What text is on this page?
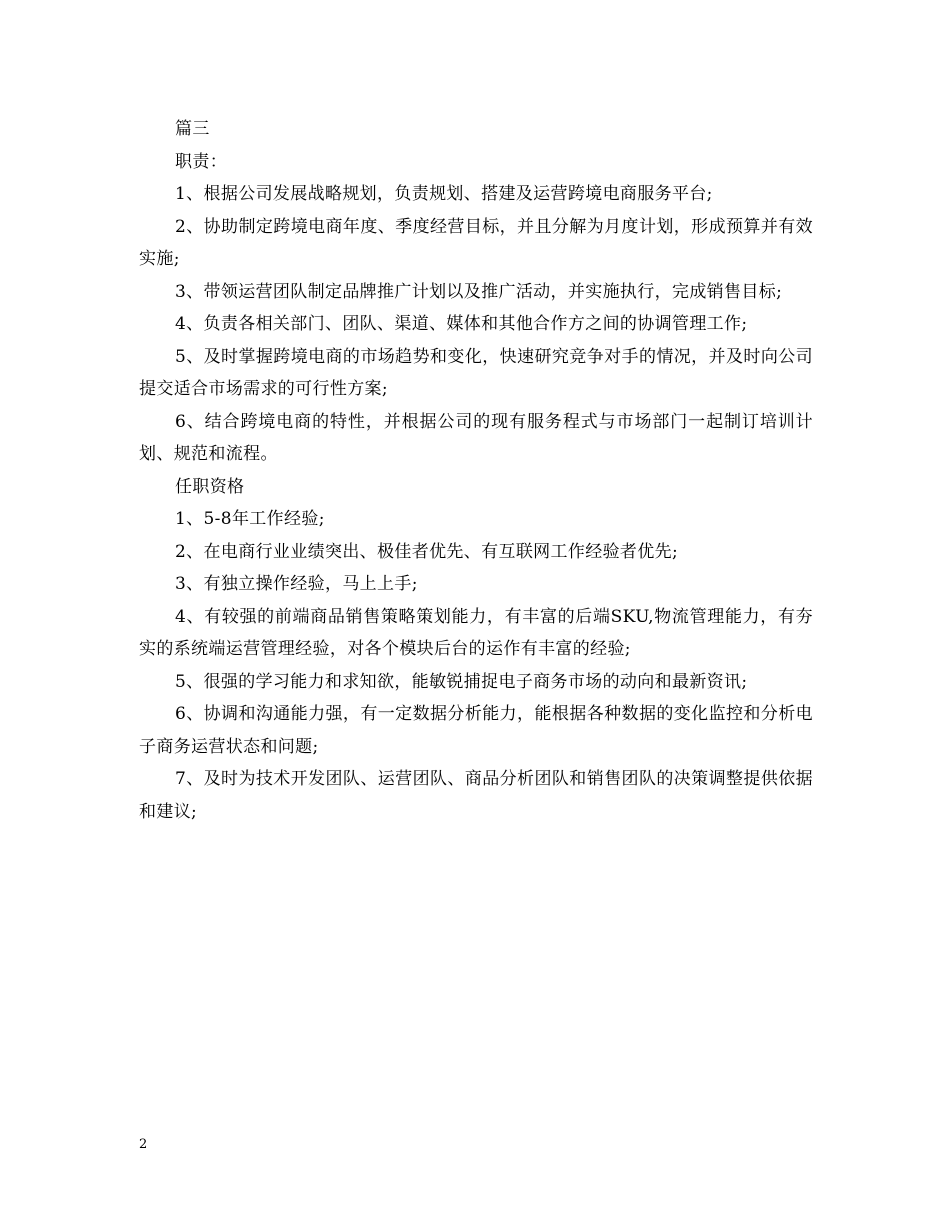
篇三

职责：

1、根据公司发展战略规划，负责规划、搭建及运营跨境电商服务平台;

2、协助制定跨境电商年度、季度经营目标，并且分解为月度计划，形成预算并有效实施;

3、带领运营团队制定品牌推广计划以及推广活动，并实施执行，完成销售目标;

4、负责各相关部门、团队、渠道、媒体和其他合作方之间的协调管理工作;

5、及时掌握跨境电商的市场趋势和变化，快速研究竞争对手的情况，并及时向公司提交适合市场需求的可行性方案;

6、结合跨境电商的特性，并根据公司的现有服务程式与市场部门一起制订培训计划、规范和流程。

任职资格

1、5-8年工作经验;

2、在电商行业业绩突出、极佳者优先、有互联网工作经验者优先;

3、有独立操作经验，马上上手;

4、有较强的前端商品销售策略策划能力，有丰富的后端SKU,物流管理能力，有夯实的系统端运营管理经验，对各个模块后台的运作有丰富的经验;

5、很强的学习能力和求知欲，能敏锐捕捉电子商务市场的动向和最新资讯;

6、协调和沟通能力强，有一定数据分析能力，能根据各种数据的变化监控和分析电子商务运营状态和问题;

7、及时为技术开发团队、运营团队、商品分析团队和销售团队的决策调整提供依据和建议;

2
